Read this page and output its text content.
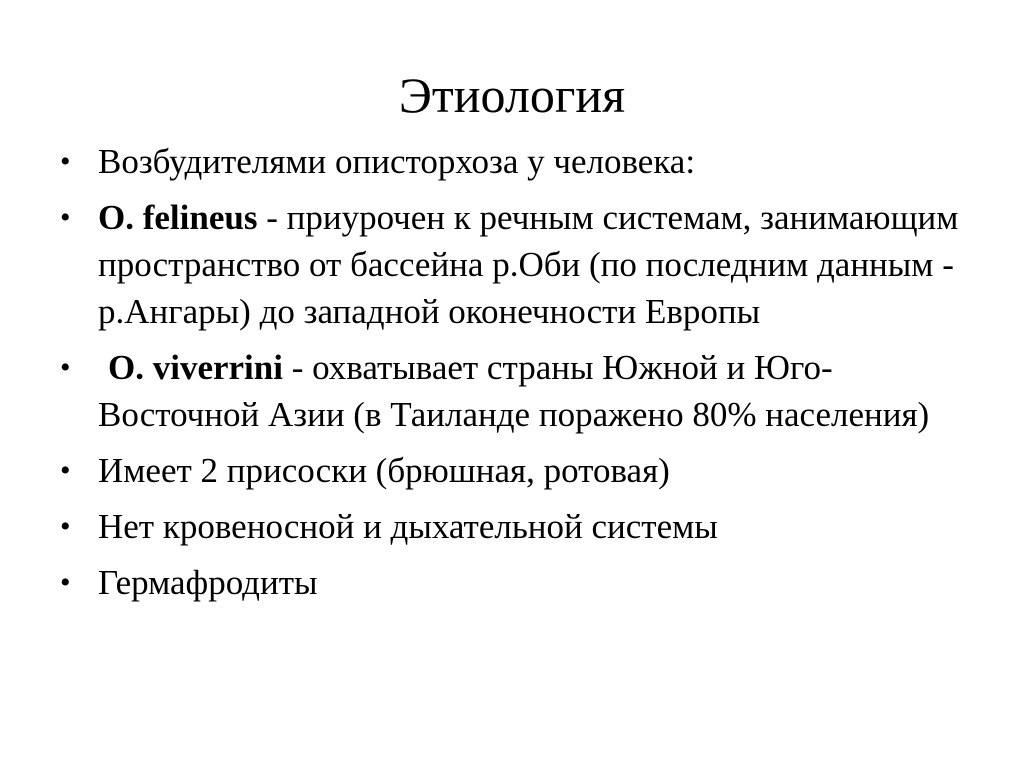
Этиология
• Возбудителями описторхоза у человека:
• O. felineus - приурочен к речным системам, занимающим пространство от бассейна р.Оби (по последним данным - р.Ангары) до западной оконечности Европы
• O. viverrini - охватывает страны Южной и Юго-Восточной Азии (в Таиланде поражено 80% населения)
• Имеет 2 присоски (брюшная, ротовая)
• Нет кровеносной и дыхательной системы
• Гермафродиты
